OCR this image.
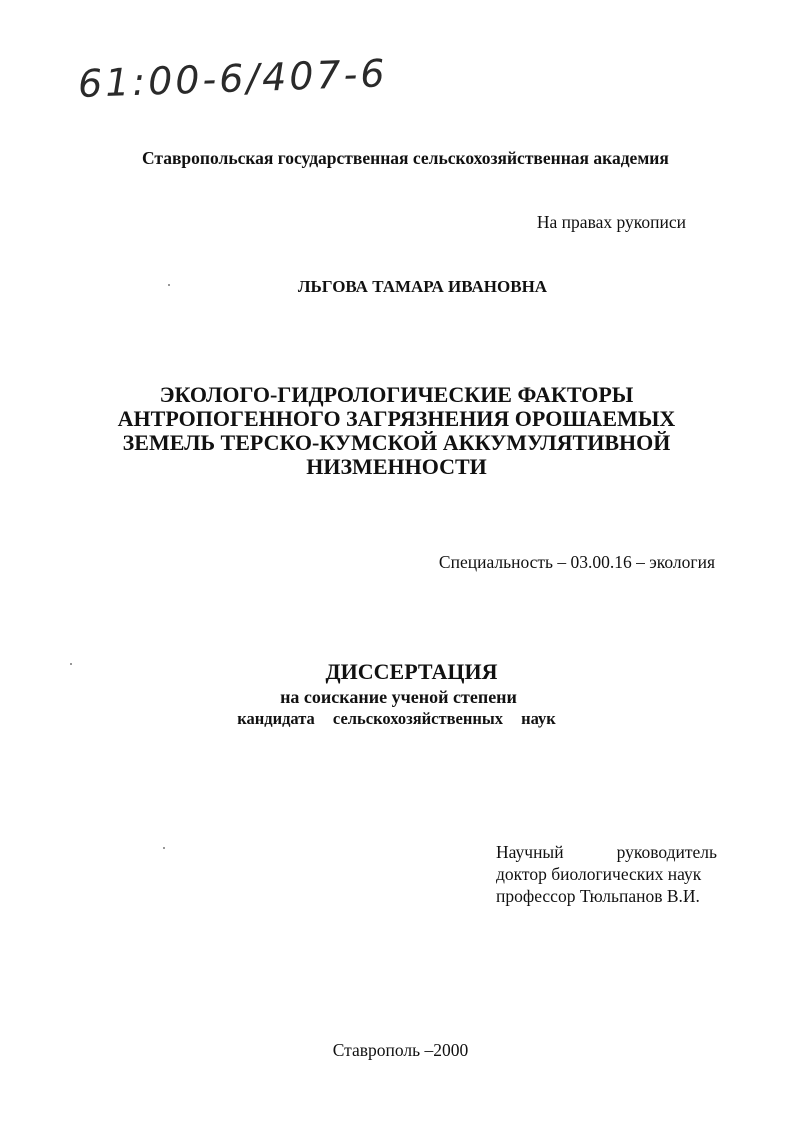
61:00-6/407-6
Ставропольская государственная сельскохозяйственная академия
На правах рукописи
ЛЬГОВА ТАМАРА ИВАНОВНА
ЭКОЛОГО-ГИДРОЛОГИЧЕСКИЕ ФАКТОРЫ
АНТРОПОГЕННОГО ЗАГРЯЗНЕНИЯ ОРОШАЕМЫХ
ЗЕМЕЛЬ ТЕРСКО-КУМСКОЙ АККУМУЛЯТИВНОЙ
НИЗМЕННОСТИ
Специальность – 03.00.16 – экология
ДИССЕРТАЦИЯ
на соискание ученой степени
кандидата сельскохозяйственных наук
Научный	руководитель
доктор биологических наук
профессор Тюльпанов В.И.
Ставрополь –2000
